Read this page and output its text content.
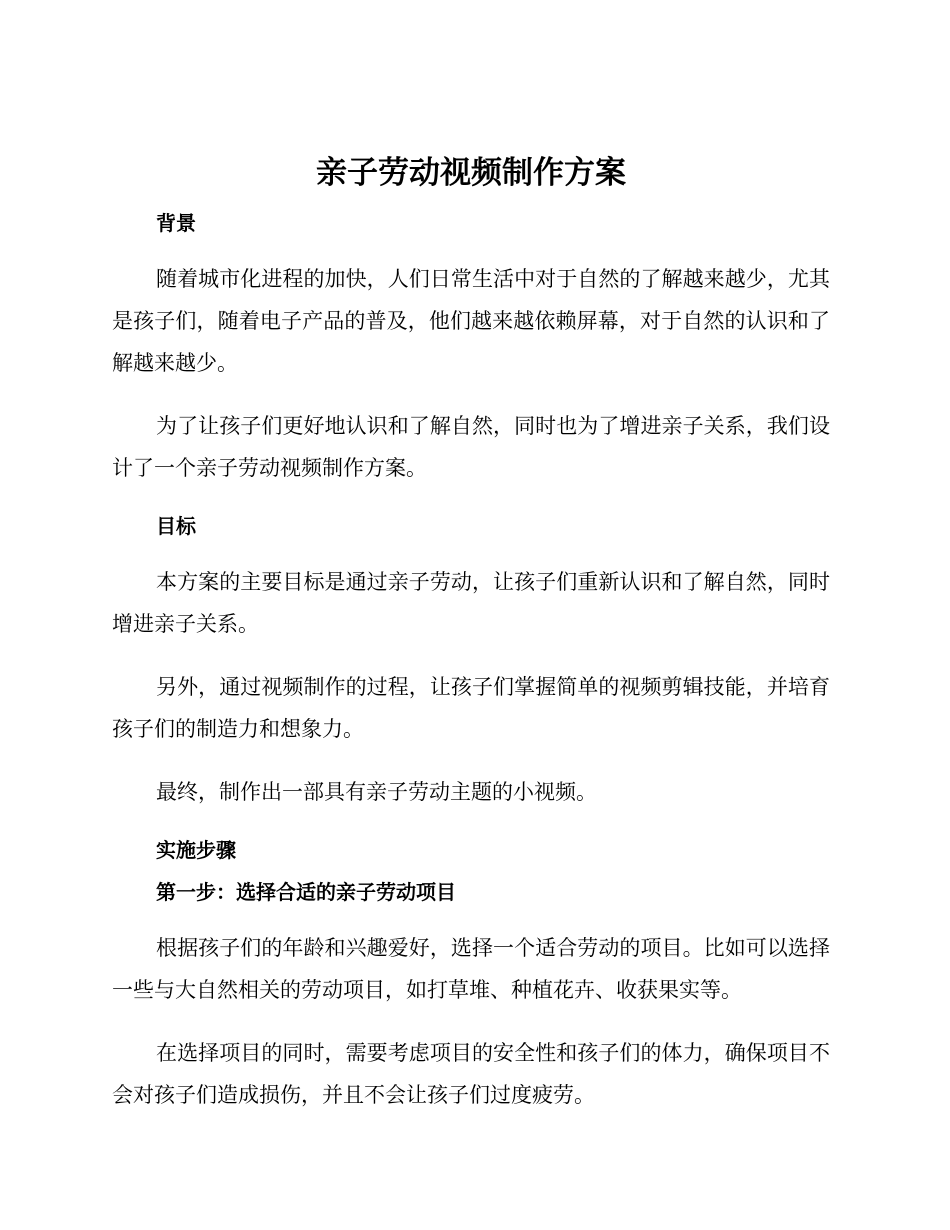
亲子劳动视频制作方案
背景

随着城市化进程的加快，人们日常生活中对于自然的了解越来越少，尤其是孩子们，随着电子产品的普及，他们越来越依赖屏幕，对于自然的认识和了解越来越少。

为了让孩子们更好地认识和了解自然，同时也为了增进亲子关系，我们设计了一个亲子劳动视频制作方案。

目标

本方案的主要目标是通过亲子劳动，让孩子们重新认识和了解自然，同时增进亲子关系。

另外，通过视频制作的过程，让孩子们掌握简单的视频剪辑技能，并培育孩子们的制造力和想象力。

最终，制作出一部具有亲子劳动主题的小视频。

实施步骤
第一步：选择合适的亲子劳动项目

根据孩子们的年龄和兴趣爱好，选择一个适合劳动的项目。比如可以选择一些与大自然相关的劳动项目，如打草堆、种植花卉、收获果实等。

在选择项目的同时，需要考虑项目的安全性和孩子们的体力，确保项目不会对孩子们造成损伤，并且不会让孩子们过度疲劳。
